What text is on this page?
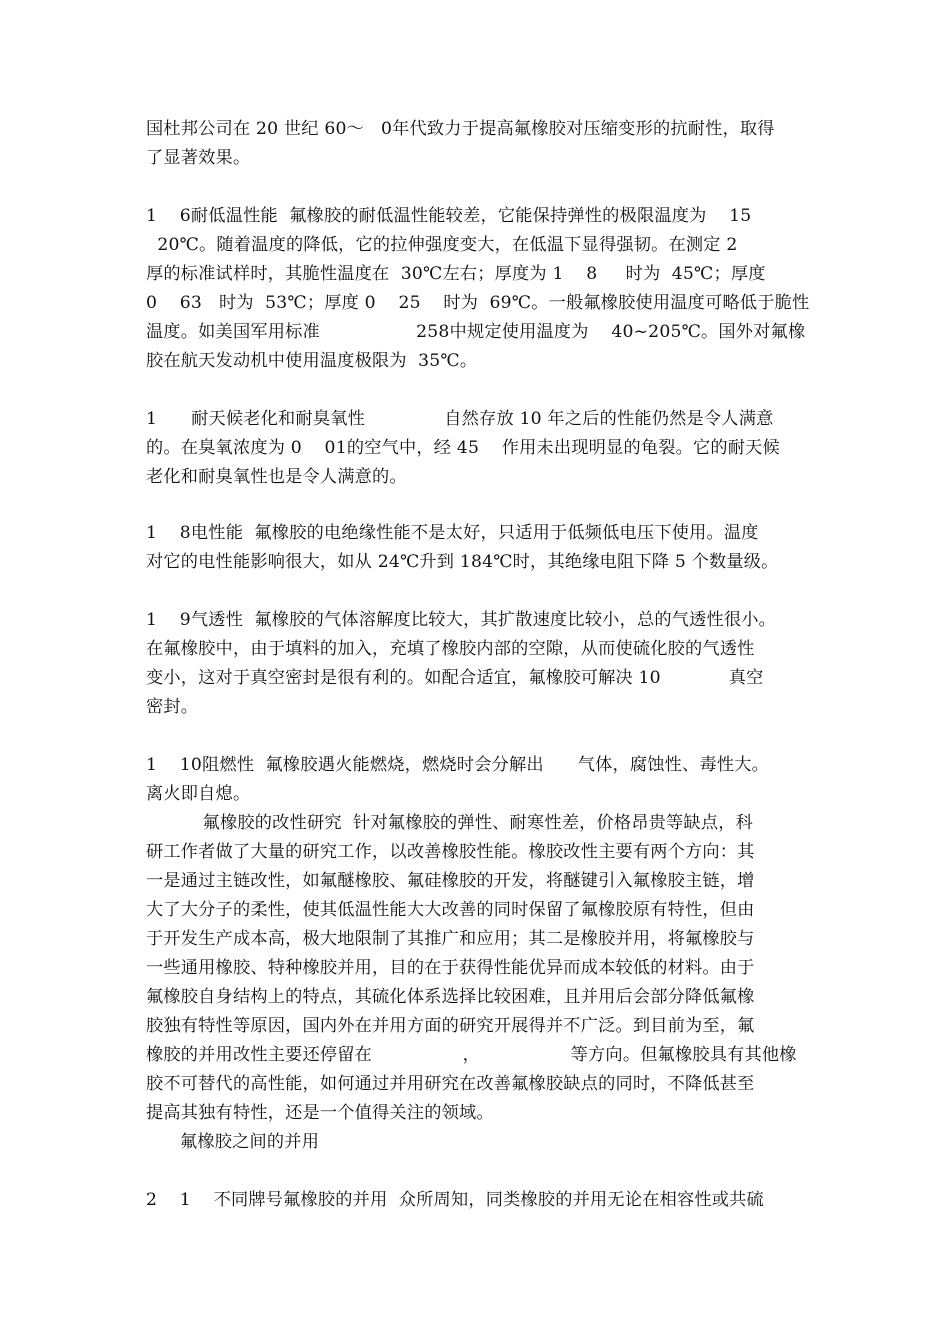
国杜邦公司在 20 世纪 60～   0年代致力于提高氟橡胶对压缩变形的抗耐性，取得
了显著效果。
1    6耐低温性能  氟橡胶的耐低温性能较差，它能保持弹性的极限温度为    15
20℃。随着温度的降低，它的拉伸强度变大，在低温下显得强韧。在测定 2
厚的标准试样时，其脆性温度在  30℃左右；厚度为 1    8     时为  45℃；厚度
0    63   时为  53℃；厚度 0    25    时为  69℃。一般氟橡胶使用温度可略低于脆性
温度。如美国军用标准                 258中规定使用温度为    40~205℃。国外对氟橡
胶在航天发动机中使用温度极限为  35℃。
1      耐天候老化和耐臭氧性              自然存放 10 年之后的性能仍然是令人满意
的。在臭氧浓度为 0    01的空气中，经 45    作用未出现明显的龟裂。它的耐天候
老化和耐臭氧性也是令人满意的。
1    8电性能  氟橡胶的电绝缘性能不是太好，只适用于低频低电压下使用。温度
对它的电性能影响很大，如从 24℃升到 184℃时，其绝缘电阻下降 5 个数量级。
1    9气透性  氟橡胶的气体溶解度比较大，其扩散速度比较小，总的气透性很小。
在氟橡胶中，由于填料的加入，充填了橡胶内部的空隙，从而使硫化胶的气透性
变小，这对于真空密封是很有利的。如配合适宜，氟橡胶可解决 10            真空
密封。
1    10阻燃性  氟橡胶遇火能燃烧，燃烧时会分解出      气体，腐蚀性、毒性大。
离火即自熄。
氟橡胶的改性研究  针对氟橡胶的弹性、耐寒性差，价格昂贵等缺点，科
研工作者做了大量的研究工作，以改善橡胶性能。橡胶改性主要有两个方向：其
一是通过主链改性，如氟醚橡胶、氟硅橡胶的开发，将醚键引入氟橡胶主链，增
大了大分子的柔性，使其低温性能大大改善的同时保留了氟橡胶原有特性，但由
于开发生产成本高，极大地限制了其推广和应用；其二是橡胶并用，将氟橡胶与
一些通用橡胶、特种橡胶并用，目的在于获得性能优异而成本较低的材料。由于
氟橡胶自身结构上的特点，其硫化体系选择比较困难，且并用后会部分降低氟橡
胶独有特性等原因，国内外在并用方面的研究开展得并不广泛。到目前为至，氟
橡胶的并用改性主要还停留在                ，                等方向。但氟橡胶具有其他橡
胶不可替代的高性能，如何通过并用研究在改善氟橡胶缺点的同时，不降低甚至
提高其独有特性，还是一个值得关注的领域。
氟橡胶之间的并用
2    1    不同牌号氟橡胶的并用  众所周知，同类橡胶的并用无论在相容性或共硫
